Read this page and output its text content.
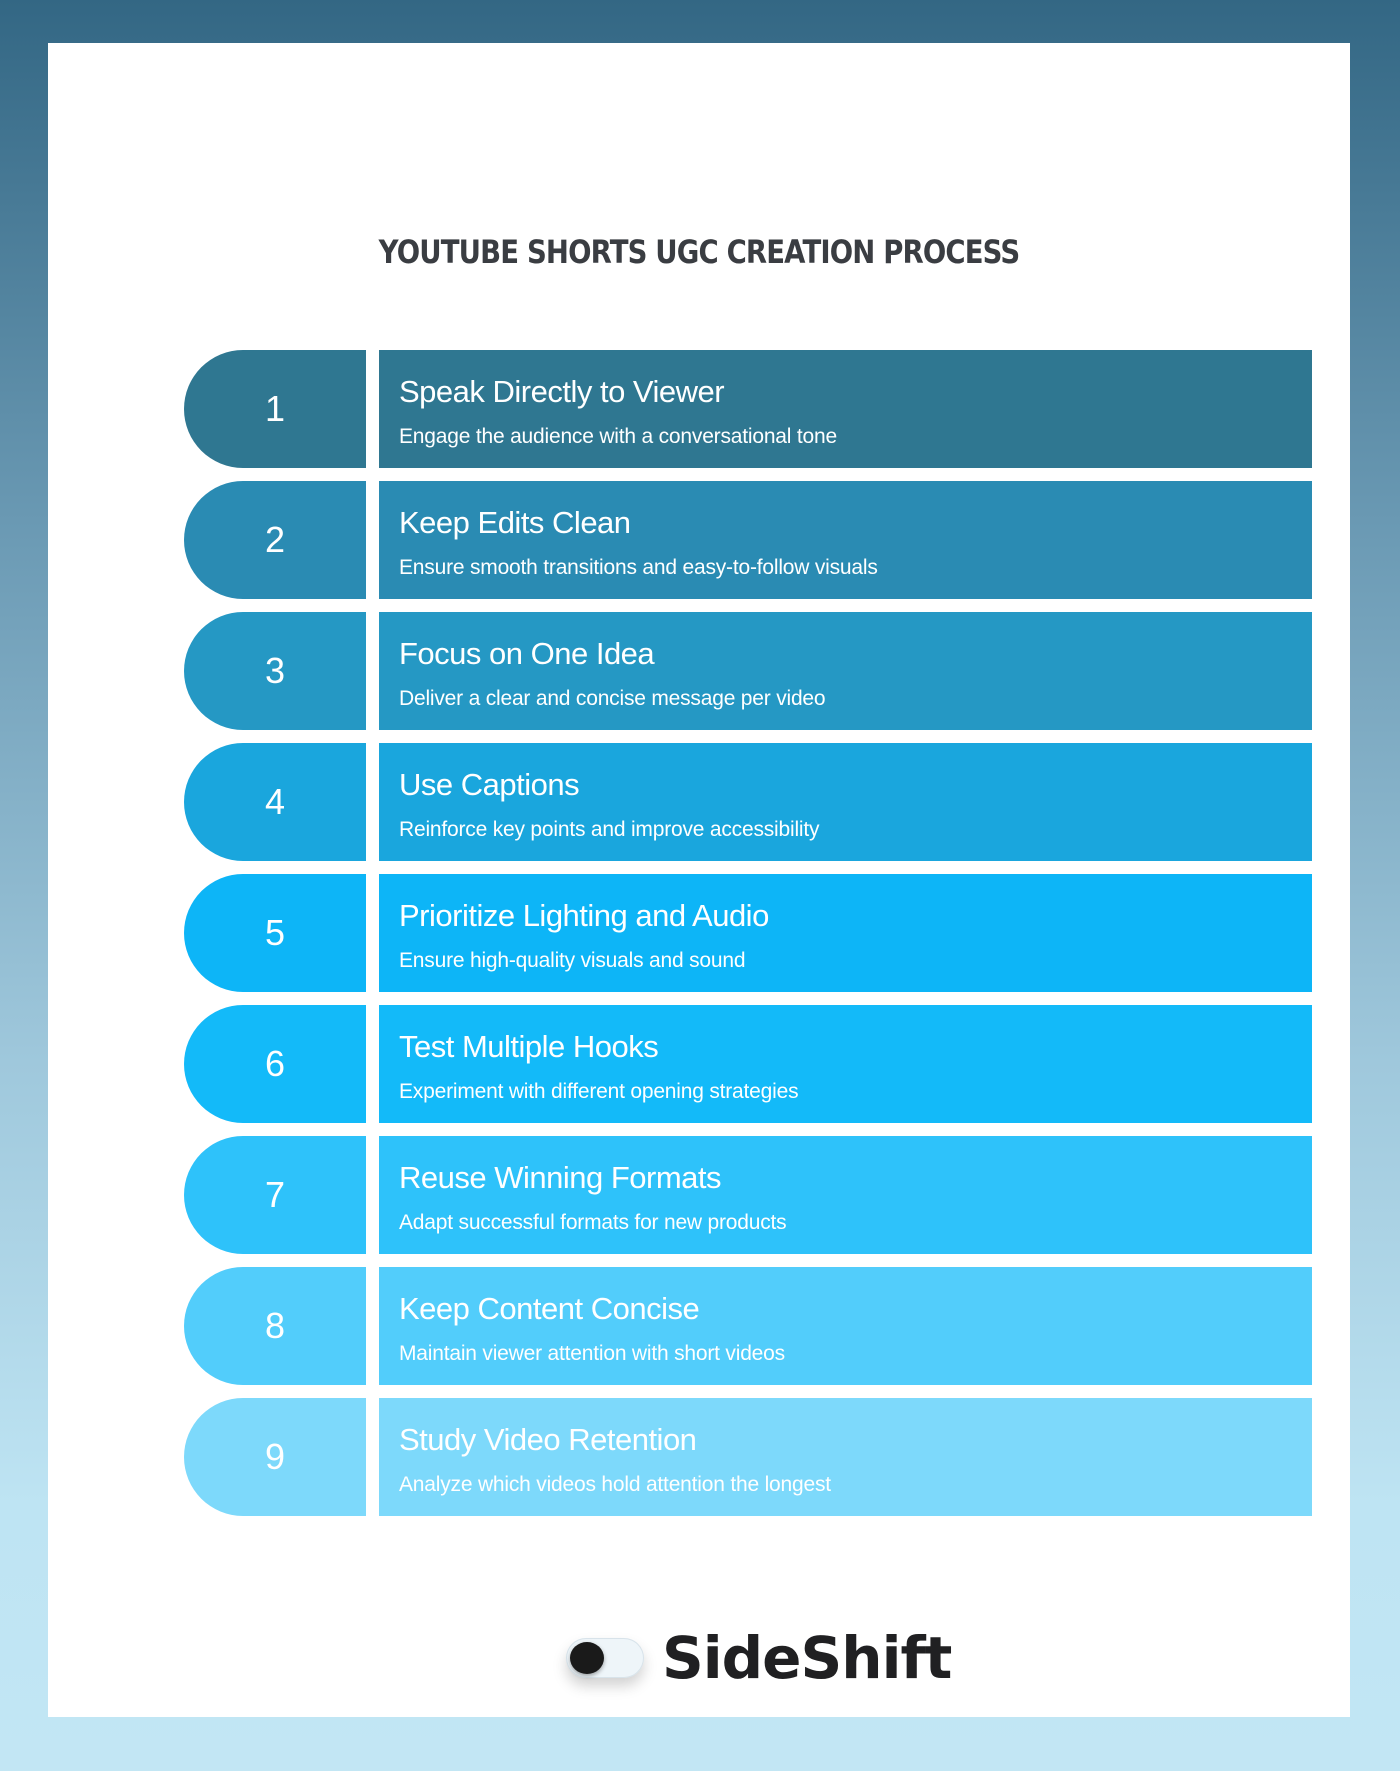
YOUTUBE SHORTS UGC CREATION PROCESS
1	Speak Directly to Viewer
Engage the audience with a conversational tone
2	Keep Edits Clean
Ensure smooth transitions and easy-to-follow visuals
3	Focus on One Idea
Deliver a clear and concise message per video
4	Use Captions
Reinforce key points and improve accessibility
5	Prioritize Lighting and Audio
Ensure high-quality visuals and sound
6	Test Multiple Hooks
Experiment with different opening strategies
7	Reuse Winning Formats
Adapt successful formats for new products
8	Keep Content Concise
Maintain viewer attention with short videos
9	Study Video Retention
Analyze which videos hold attention the longest
SideShift
